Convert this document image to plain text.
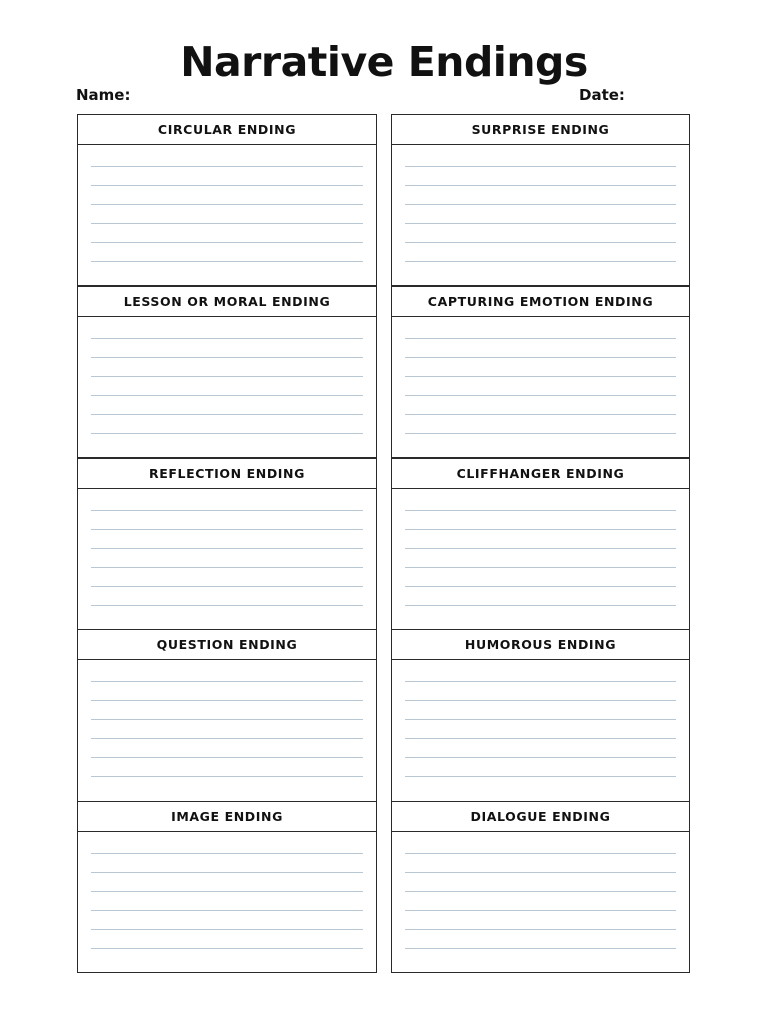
Narrative Endings
Name:	Date:
CIRCULAR ENDING	SURPRISE ENDING
LESSON OR MORAL ENDING	CAPTURING EMOTION ENDING
REFLECTION ENDING	CLIFFHANGER ENDING
QUESTION ENDING	HUMOROUS ENDING
IMAGE ENDING	DIALOGUE ENDING
